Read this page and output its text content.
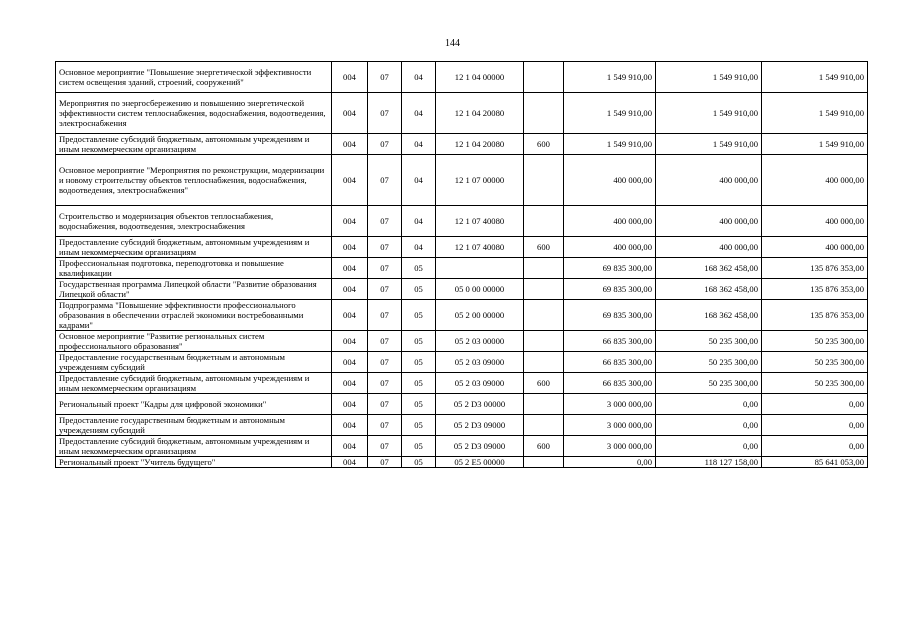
144
Основное мероприятие "Повышение энергетической эффективности систем освещения зданий, строений, сооружений"	004	07	04	12 1 04 00000		1 549 910,00	1 549 910,00	1 549 910,00
Мероприятия по энергосбережению и повышению энергетической эффективности систем теплоснабжения, водоснабжения, водоотведения, электроснабжения	004	07	04	12 1 04 20080		1 549 910,00	1 549 910,00	1 549 910,00
Предоставление субсидий бюджетным, автономным учреждениям и иным некоммерческим организациям	004	07	04	12 1 04 20080	600	1 549 910,00	1 549 910,00	1 549 910,00
Основное мероприятие "Мероприятия по реконструкции, модернизации и новому строительству объектов теплоснабжения, водоснабжения, водоотведения, электроснабжения"	004	07	04	12 1 07 00000		400 000,00	400 000,00	400 000,00
Строительство и модернизация объектов теплоснабжения, водоснабжения, водоотведения, электроснабжения	004	07	04	12 1 07 40080		400 000,00	400 000,00	400 000,00
Предоставление субсидий бюджетным, автономным учреждениям и иным некоммерческим организациям	004	07	04	12 1 07 40080	600	400 000,00	400 000,00	400 000,00
Профессиональная подготовка, переподготовка и повышение квалификации	004	07	05			69 835 300,00	168 362 458,00	135 876 353,00
Государственная программа Липецкой области "Развитие образования Липецкой области"	004	07	05	05 0 00 00000		69 835 300,00	168 362 458,00	135 876 353,00
Подпрограмма "Повышение эффективности профессионального образования в обеспечении отраслей экономики востребованными кадрами"	004	07	05	05 2 00 00000		69 835 300,00	168 362 458,00	135 876 353,00
Основное мероприятие "Развитие региональных систем профессионального образования"	004	07	05	05 2 03 00000		66 835 300,00	50 235 300,00	50 235 300,00
Предоставление государственным бюджетным и автономным учреждениям субсидий	004	07	05	05 2 03 09000		66 835 300,00	50 235 300,00	50 235 300,00
Предоставление субсидий бюджетным, автономным учреждениям и иным некоммерческим организациям	004	07	05	05 2 03 09000	600	66 835 300,00	50 235 300,00	50 235 300,00
Региональный проект "Кадры для цифровой экономики"	004	07	05	05 2 D3 00000		3 000 000,00	0,00	0,00
Предоставление государственным бюджетным и автономным учреждениям субсидий	004	07	05	05 2 D3 09000		3 000 000,00	0,00	0,00
Предоставление субсидий бюджетным, автономным учреждениям и иным некоммерческим организациям	004	07	05	05 2 D3 09000	600	3 000 000,00	0,00	0,00
Региональный проект "Учитель будущего"	004	07	05	05 2 E5 00000		0,00	118 127 158,00	85 641 053,00
